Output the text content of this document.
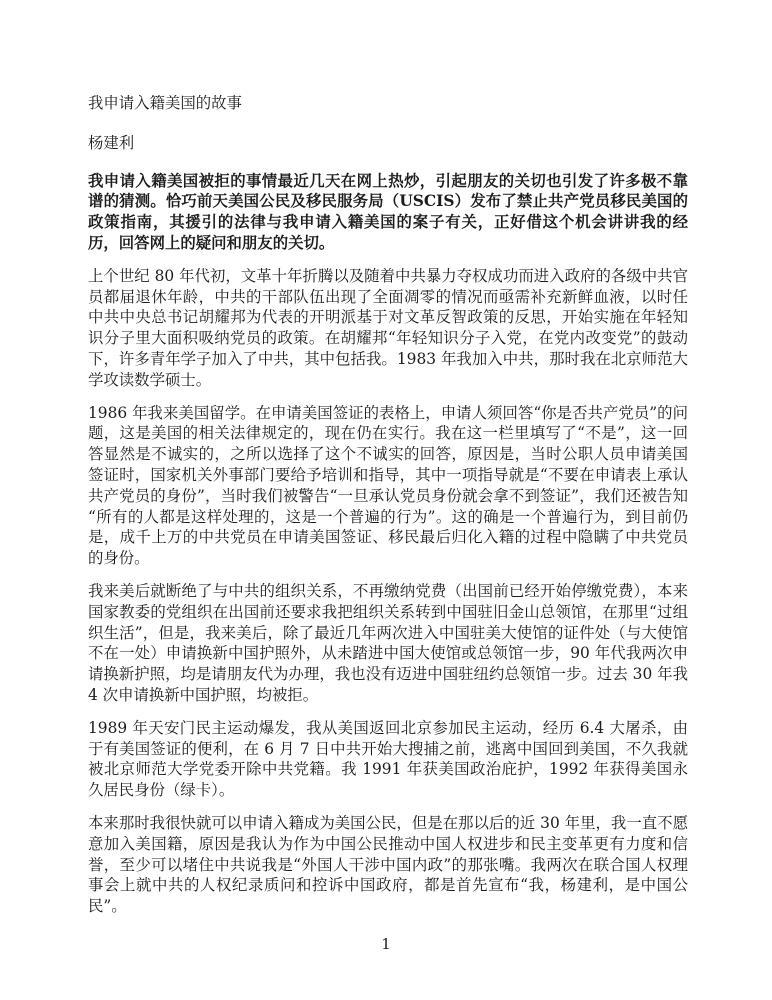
我申请入籍美国的故事
杨建利

我申请入籍美国被拒的事情最近几天在网上热炒，引起朋友的关切也引发了许多极不靠谱的猜测。恰巧前天美国公民及移民服务局（USCIS）发布了禁止共产党员移民美国的政策指南，其援引的法律与我申请入籍美国的案子有关，正好借这个机会讲讲我的经历，回答网上的疑问和朋友的关切。

上个世纪 80 年代初，文革十年折腾以及随着中共暴力夺权成功而进入政府的各级中共官员都届退休年龄，中共的干部队伍出现了全面凋零的情况而亟需补充新鲜血液，以时任中共中央总书记胡耀邦为代表的开明派基于对文革反智政策的反思，开始实施在年轻知识分子里大面积吸纳党员的政策。在胡耀邦“年轻知识分子入党，在党内改变党”的鼓动下，许多青年学子加入了中共，其中包括我。1983 年我加入中共，那时我在北京师范大学攻读数学硕士。

1986 年我来美国留学。在申请美国签证的表格上，申请人须回答“你是否共产党员”的问题，这是美国的相关法律规定的，现在仍在实行。我在这一栏里填写了“不是”，这一回答显然是不诚实的，之所以选择了这个不诚实的回答，原因是，当时公职人员申请美国签证时，国家机关外事部门要给予培训和指导，其中一项指导就是“不要在申请表上承认共产党员的身份”，当时我们被警告“一旦承认党员身份就会拿不到签证”，我们还被告知“所有的人都是这样处理的，这是一个普遍的行为”。这的确是一个普遍行为，到目前仍是，成千上万的中共党员在申请美国签证、移民最后归化入籍的过程中隐瞒了中共党员的身份。

我来美后就断绝了与中共的组织关系，不再缴纳党费（出国前已经开始停缴党费），本来国家教委的党组织在出国前还要求我把组织关系转到中国驻旧金山总领馆，在那里“过组织生活”，但是，我来美后，除了最近几年两次进入中国驻美大使馆的证件处（与大使馆不在一处）申请换新中国护照外，从未踏进中国大使馆或总领馆一步，90 年代我两次申请换新护照，均是请朋友代为办理，我也没有迈进中国驻纽约总领馆一步。过去 30 年我 4 次申请换新中国护照，均被拒。

1989 年天安门民主运动爆发，我从美国返回北京参加民主运动，经历 6.4 大屠杀，由于有美国签证的便利，在 6 月 7 日中共开始大搜捕之前，逃离中国回到美国，不久我就被北京师范大学党委开除中共党籍。我 1991 年获美国政治庇护，1992 年获得美国永久居民身份（绿卡）。

本来那时我很快就可以申请入籍成为美国公民，但是在那以后的近 30 年里，我一直不愿意加入美国籍，原因是我认为作为中国公民推动中国人权进步和民主变革更有力度和信誉，至少可以堵住中共说我是“外国人干涉中国内政”的那张嘴。我两次在联合国人权理事会上就中共的人权纪录质问和控诉中国政府，都是首先宣布“我，杨建利，是中国公民”。

1
